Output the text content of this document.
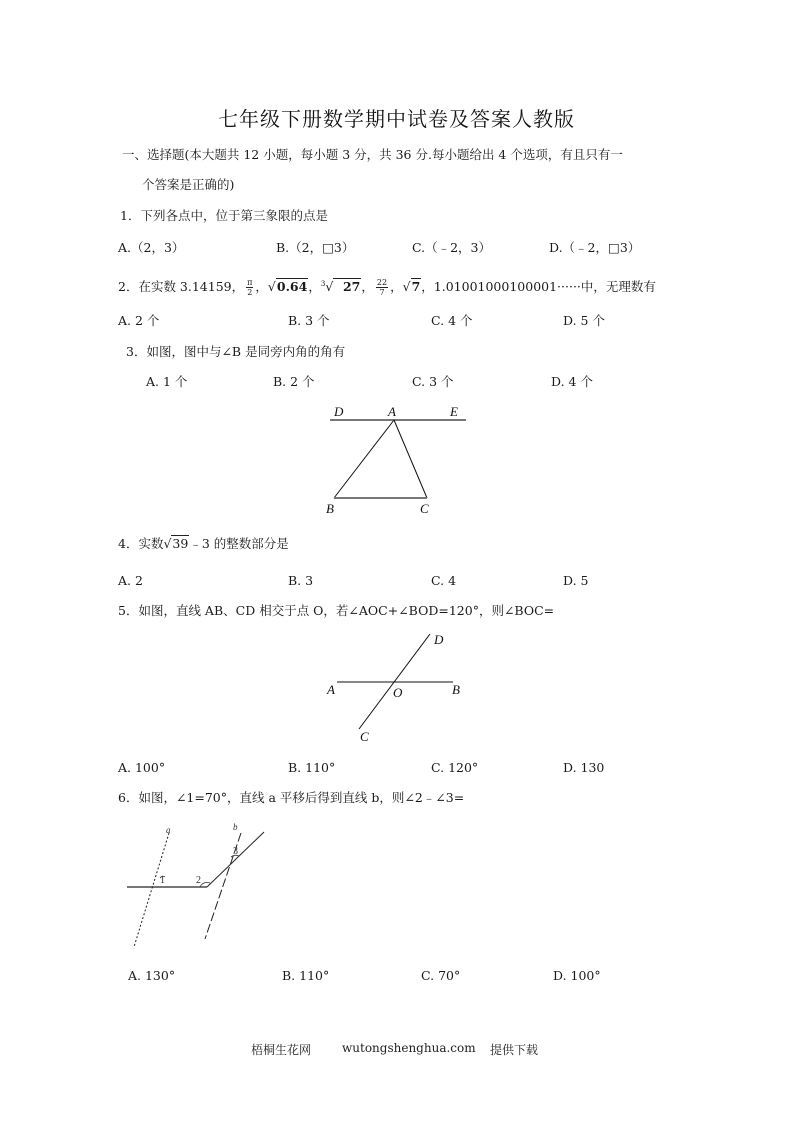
七年级下册数学期中试卷及答案人教版
一、选择题(本大题共 12 小题，每小题 3 分，共 36 分.每小题给出 4 个选项，有且只有一
个答案是正确的)
1．下列各点中，位于第三象限的点是
A.（2，3）	B.（2，□3）	C.（﹣2，3）	D.（﹣2，□3）
2．在实数 3.14159， $\frac{\pi}{2}$ ，√0.64，$^3$√  27， $\frac{22}{7}$ ，√7，1.01001000100001······中，无理数有
A. 2 个	B. 3 个	C. 4 个	D. 5 个
3．如图，图中与∠B 是同旁内角的角有
A. 1 个	B. 2 个	C. 3 个	D. 4 个
D	A	E
B	C
4．实数√39﹣3 的整数部分是
A. 2	B. 3	C. 4	D. 5
5．如图，直线 AB、CD 相交于点 O，若∠AOC+∠BOD=120°，则∠BOC=
D
A	O	B
C
A. 100°	B. 110°	C. 120°	D. 130
6．如图，∠1=70°，直线 a 平移后得到直线 b，则∠2﹣∠3=
a	b
1	2
3
A. 130°	B. 110°	C. 70°	D. 100°
梧桐生花网	wutongshenghua.com 提供下载
